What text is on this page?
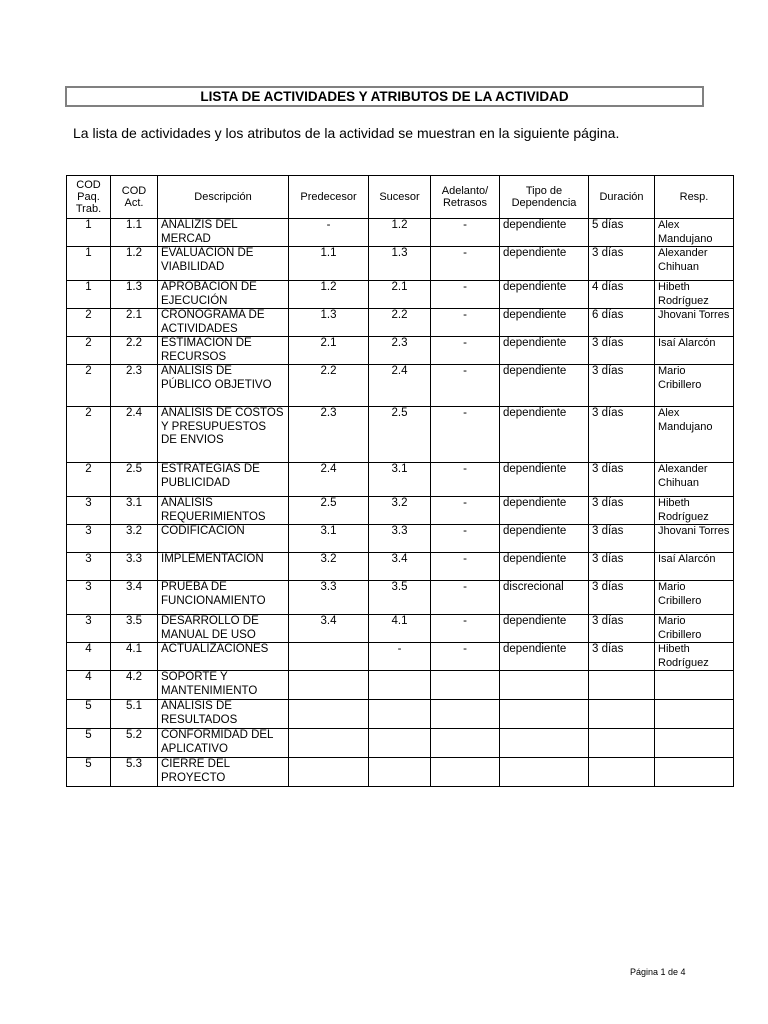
LISTA DE ACTIVIDADES Y ATRIBUTOS DE LA ACTIVIDAD
La lista de actividades y los atributos de la actividad se muestran en la siguiente página.
COD Paq. Trab.	COD Act.	Descripción	Predecesor	Sucesor	Adelanto/ Retrasos	Tipo de Dependencia	Duración	Resp.
1	1.1	ANALIZIS DEL MERCAD	-	1.2	-	dependiente	5 días	Alex Mandujano
1	1.2	EVALUACIÓN DE VIABILIDAD	1.1	1.3	-	dependiente	3 días	Alexander Chihuan
1	1.3	APROBACIÓN DE EJECUCIÓN	1.2	2.1	-	dependiente	4 días	Hibeth Rodríguez
2	2.1	CRONOGRAMA DE ACTIVIDADES	1.3	2.2	-	dependiente	6 días	Jhovani Torres
2	2.2	ESTIMACIÓN DE RECURSOS	2.1	2.3	-	dependiente	3 días	Isaí Alarcón
2	2.3	ANÁLISIS DE PÚBLICO OBJETIVO	2.2	2.4	-	dependiente	3 días	Mario Cribillero
2	2.4	ANÁLISIS DE COSTOS Y PRESUPUESTOS DE ENVIOS	2.3	2.5	-	dependiente	3 días	Alex Mandujano
2	2.5	ESTRATEGIAS DE PUBLICIDAD	2.4	3.1	-	dependiente	3 días	Alexander Chihuan
3	3.1	ANÁLISIS REQUERIMIENTOS	2.5	3.2	-	dependiente	3 días	Hibeth Rodríguez
3	3.2	CODIFICACIÓN	3.1	3.3	-	dependiente	3 días	Jhovani Torres
3	3.3	IMPLEMENTACIÓN	3.2	3.4	-	dependiente	3 días	Isaí Alarcón
3	3.4	PRUEBA DE FUNCIONAMIENTO	3.3	3.5	-	discrecional	3 días	Mario Cribillero
3	3.5	DESARROLLO DE MANUAL DE USO	3.4	4.1	-	dependiente	3 días	Mario Cribillero
4	4.1	ACTUALIZACIONES		-	-	dependiente	3 días	Hibeth Rodríguez
4	4.2	SOPORTE Y MANTENIMIENTO						
5	5.1	ANÁLISIS DE RESULTADOS						
5	5.2	CONFORMIDAD DEL APLICATIVO						
5	5.3	CIERRE DEL PROYECTO						
Página 1 de 4
